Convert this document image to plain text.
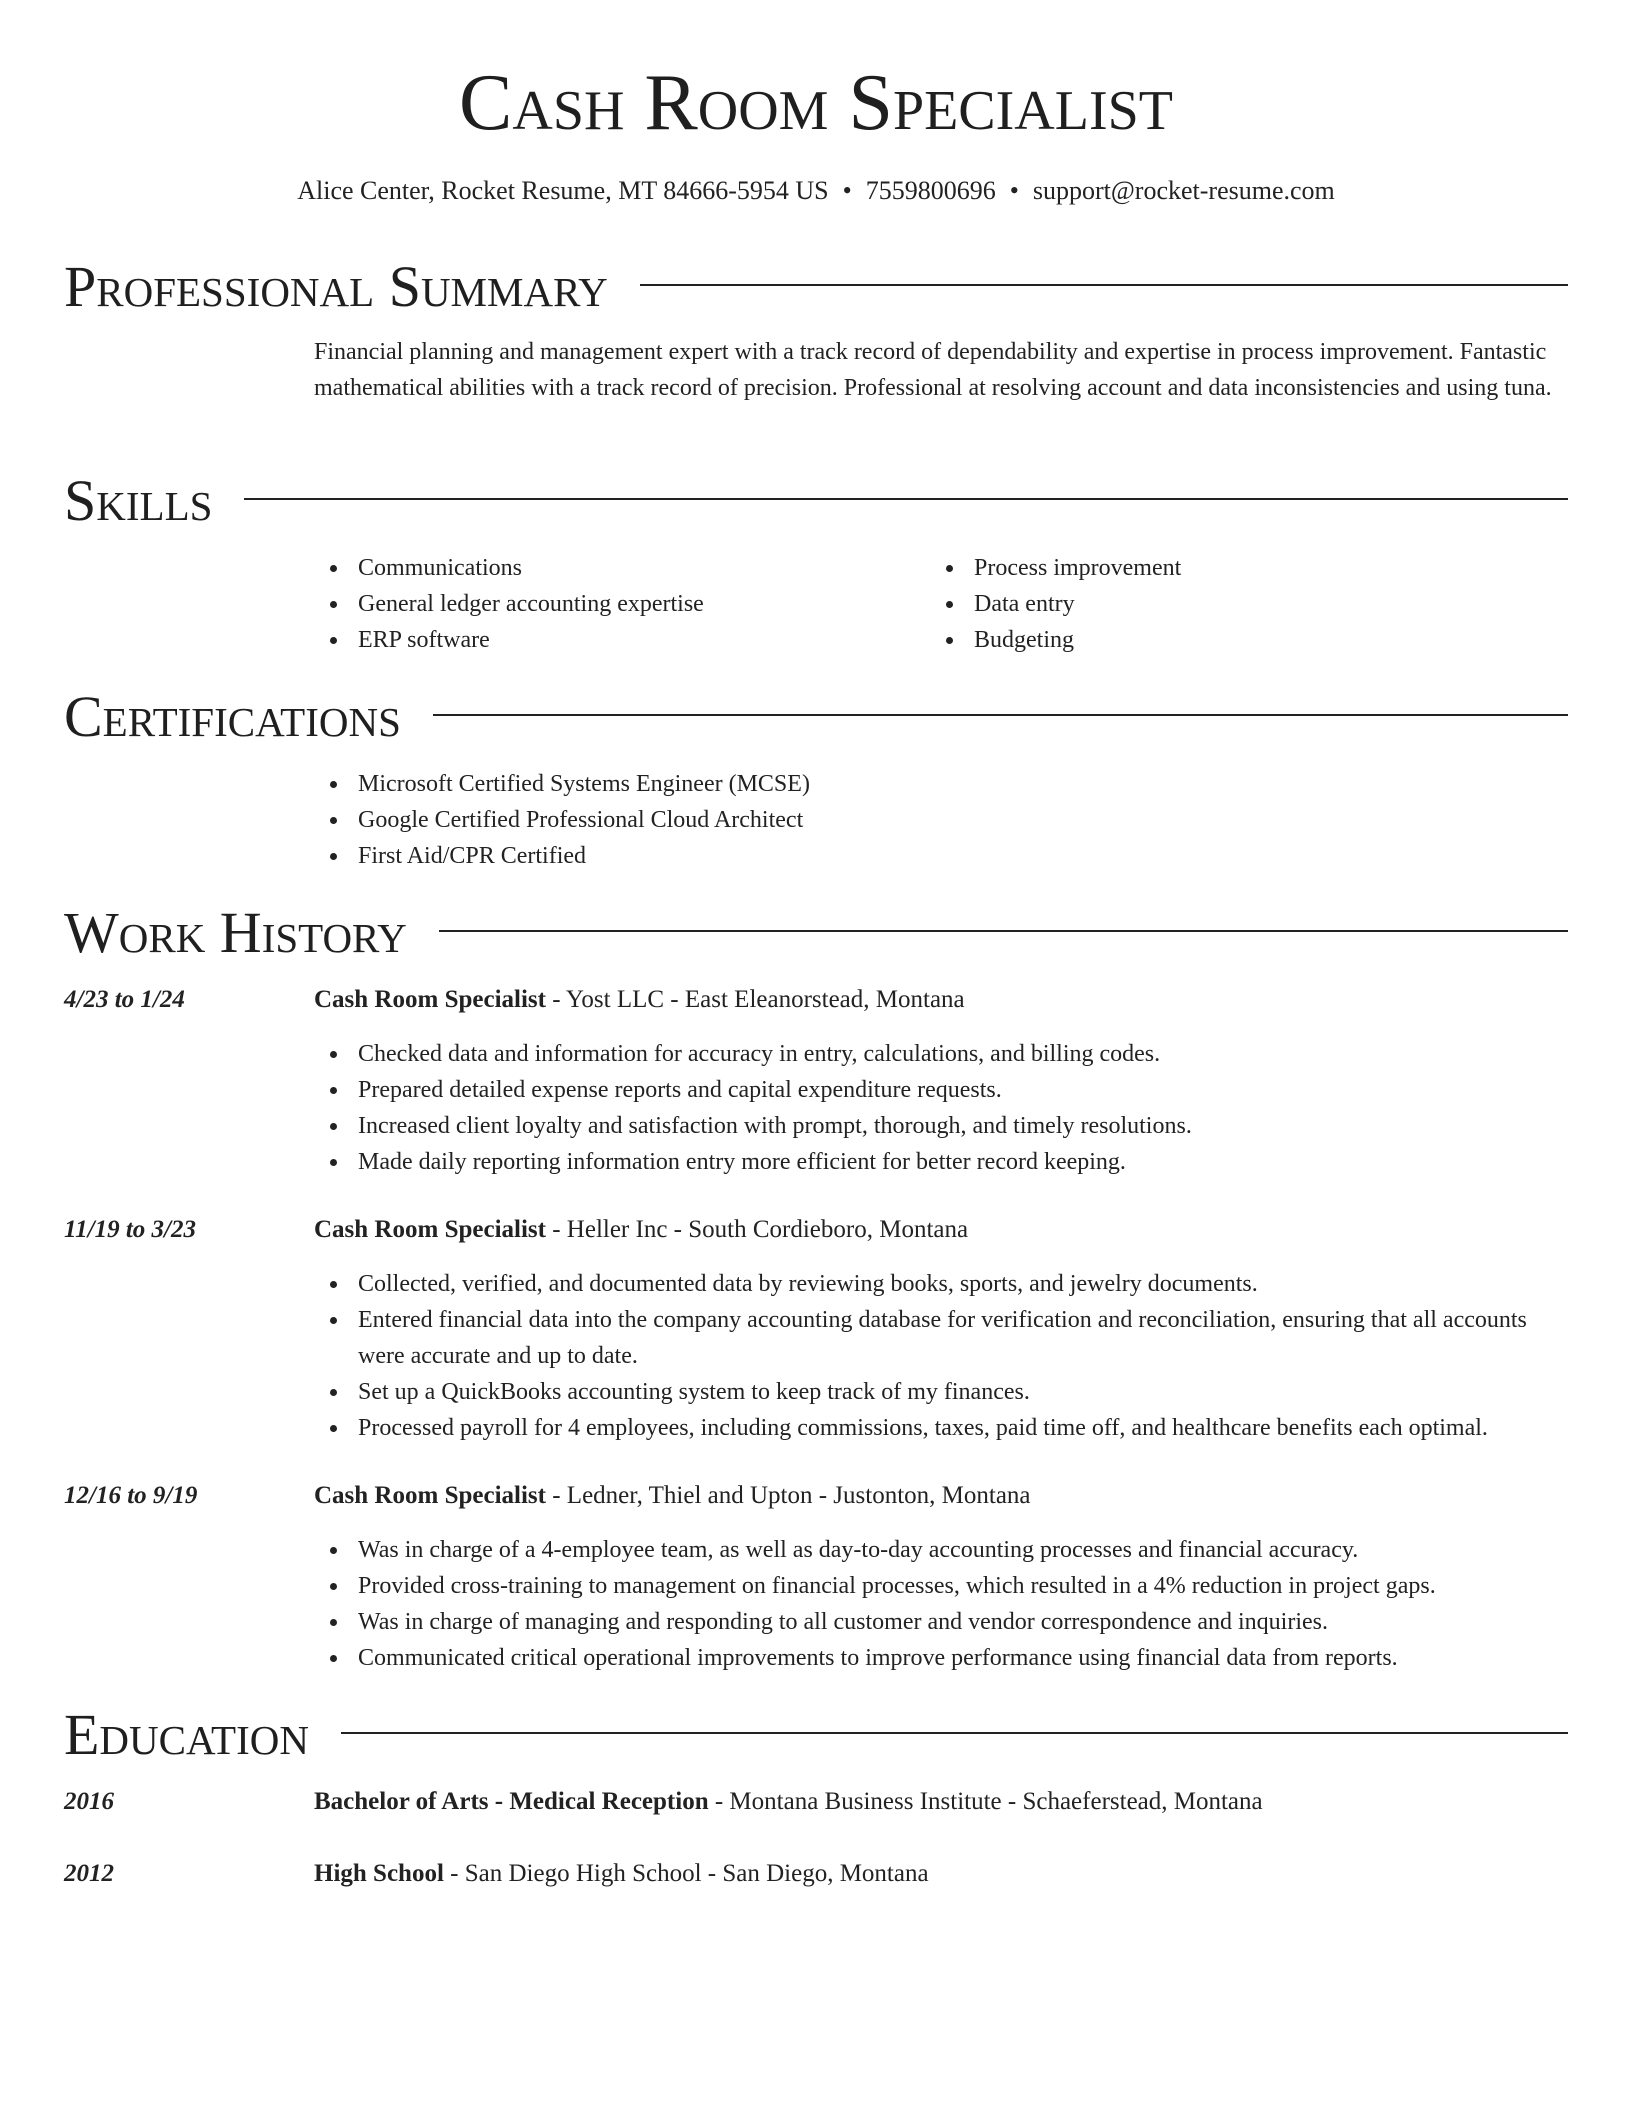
Cash Room Specialist
Alice Center, Rocket Resume, MT 84666-5954 US • 7559800696 • support@rocket-resume.com
Professional Summary

Financial planning and management expert with a track record of dependability and expertise in process improvement. Fantastic mathematical abilities with a track record of precision. Professional at resolving account and data inconsistencies and using tuna.

Skills
Communications
General ledger accounting expertise
ERP software
Process improvement
Data entry
Budgeting
Certifications
Microsoft Certified Systems Engineer (MCSE)
Google Certified Professional Cloud Architect
First Aid/CPR Certified
Work History
4/23 to 1/24	Cash Room Specialist - Yost LLC - East Eleanorstead, Montana
Checked data and information for accuracy in entry, calculations, and billing codes.
Prepared detailed expense reports and capital expenditure requests.
Increased client loyalty and satisfaction with prompt, thorough, and timely resolutions.
Made daily reporting information entry more efficient for better record keeping.
11/19 to 3/23	Cash Room Specialist - Heller Inc - South Cordieboro, Montana
Collected, verified, and documented data by reviewing books, sports, and jewelry documents.
Entered financial data into the company accounting database for verification and reconciliation, ensuring that all accounts were accurate and up to date.
Set up a QuickBooks accounting system to keep track of my finances.
Processed payroll for 4 employees, including commissions, taxes, paid time off, and healthcare benefits each optimal.
12/16 to 9/19	Cash Room Specialist - Ledner, Thiel and Upton - Justonton, Montana
Was in charge of a 4-employee team, as well as day-to-day accounting processes and financial accuracy.
Provided cross-training to management on financial processes, which resulted in a 4% reduction in project gaps.
Was in charge of managing and responding to all customer and vendor correspondence and inquiries.
Communicated critical operational improvements to improve performance using financial data from reports.
Education
2016	Bachelor of Arts - Medical Reception - Montana Business Institute - Schaeferstead, Montana
2012	High School - San Diego High School - San Diego, Montana
